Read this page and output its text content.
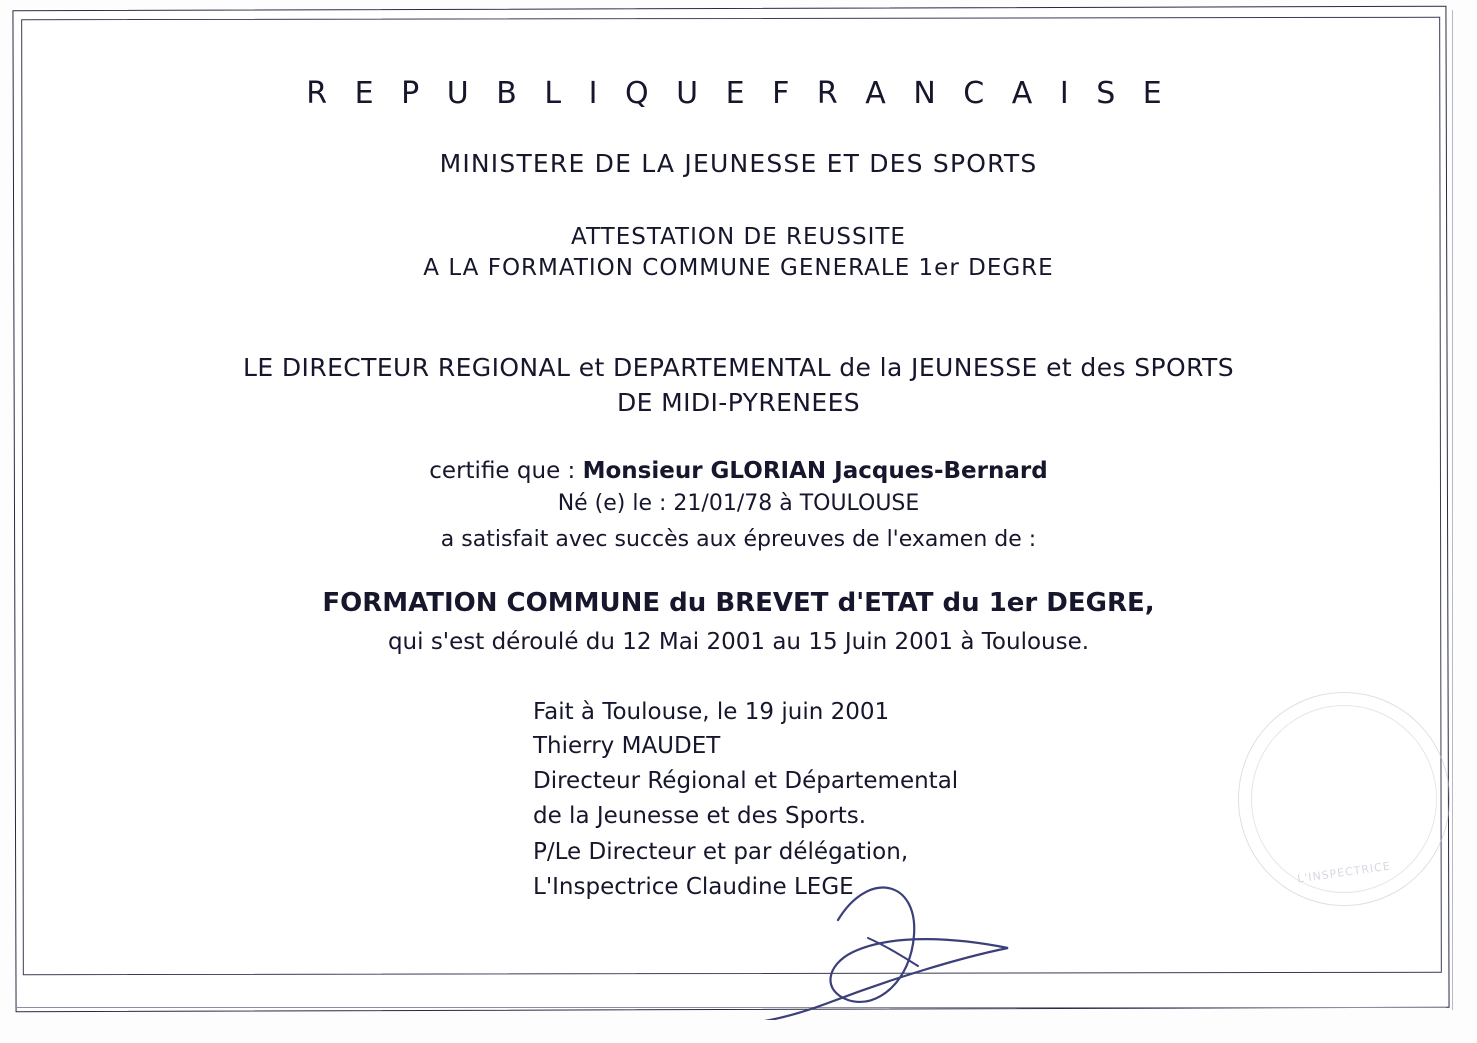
R E P U B L I Q U E F R A N C A I S E
MINISTERE DE LA JEUNESSE ET DES SPORTS
ATTESTATION DE REUSSITE
A LA FORMATION COMMUNE GENERALE 1er DEGRE
LE DIRECTEUR REGIONAL et DEPARTEMENTAL de la JEUNESSE et des SPORTS
DE MIDI-PYRENEES
certifie que : Monsieur GLORIAN Jacques-Bernard
Né (e) le : 21/01/78 à TOULOUSE
a satisfait avec succès aux épreuves de l'examen de :
FORMATION COMMUNE du BREVET d'ETAT du 1er DEGRE,
qui s'est déroulé du 12 Mai 2001 au 15 Juin 2001 à Toulouse.
Fait à Toulouse, le 19 juin 2001
Thierry MAUDET
Directeur Régional et Départemental
de la Jeunesse et des Sports.
P/Le Directeur et par délégation,
L'Inspectrice Claudine LEGE
L'INSPECTRICE
